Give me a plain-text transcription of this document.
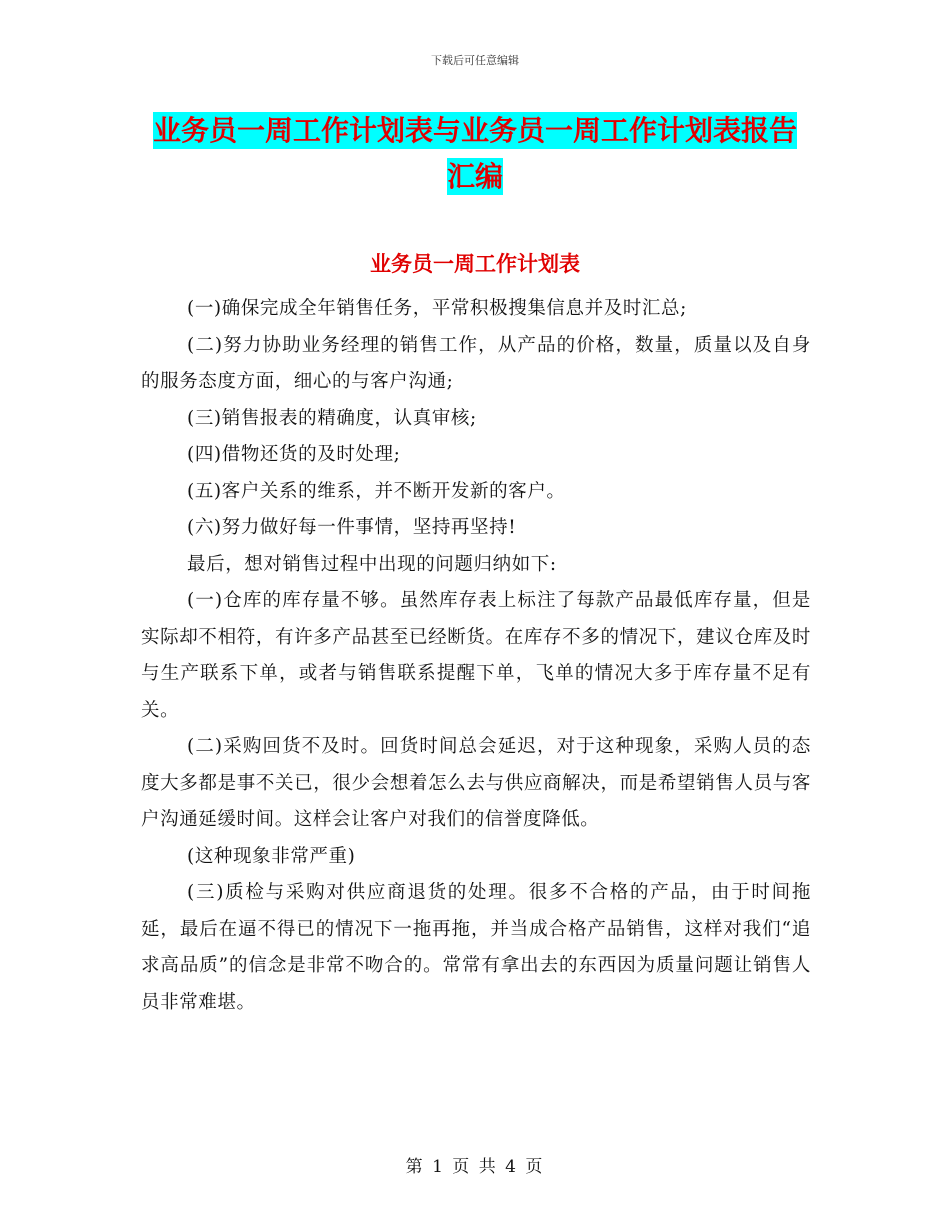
下载后可任意编辑
业务员一周工作计划表与业务员一周工作计划表报告
汇编
业务员一周工作计划表

(一)确保完成全年销售任务，平常积极搜集信息并及时汇总;

(二)努力协助业务经理的销售工作，从产品的价格，数量，质量以及自身的服务态度方面，细心的与客户沟通;

(三)销售报表的精确度，认真审核;

(四)借物还货的及时处理;

(五)客户关系的维系，并不断开发新的客户。

(六)努力做好每一件事情，坚持再坚持!

最后，想对销售过程中出现的问题归纳如下:

(一)仓库的库存量不够。虽然库存表上标注了每款产品最低库存量，但是实际却不相符，有许多产品甚至已经断货。在库存不多的情况下，建议仓库及时与生产联系下单，或者与销售联系提醒下单，飞单的情况大多于库存量不足有关。

(二)采购回货不及时。回货时间总会延迟，对于这种现象，采购人员的态度大多都是事不关已，很少会想着怎么去与供应商解决，而是希望销售人员与客户沟通延缓时间。这样会让客户对我们的信誉度降低。

(这种现象非常严重)

(三)质检与采购对供应商退货的处理。很多不合格的产品，由于时间拖延，最后在逼不得已的情况下一拖再拖，并当成合格产品销售，这样对我们“追求高品质”的信念是非常不吻合的。常常有拿出去的东西因为质量问题让销售人员非常难堪。

第 1 页 共 4 页
